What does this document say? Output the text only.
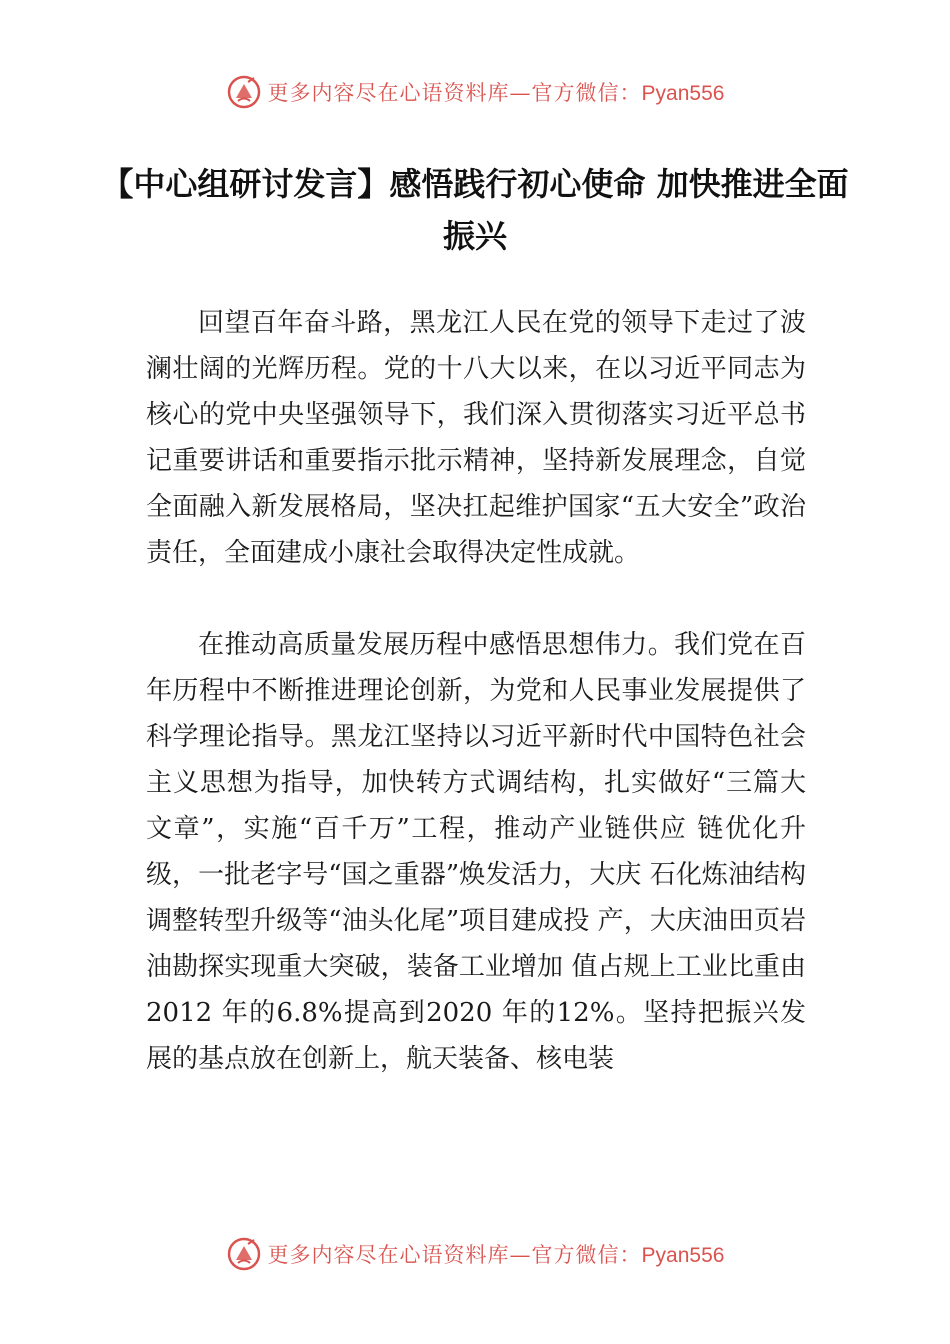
更多内容尽在心语资料库—官方微信：Pyan556
【中心组研讨发言】感悟践行初心使命 加快推进全面振兴

回望百年奋斗路，黑龙江人民在党的领导下走过了波澜壮阔的光辉历程。党的十八大以来，在以习近平同志为核心的党中央坚强领导下，我们深入贯彻落实习近平总书记重要讲话和重要指示批示精神，坚持新发展理念，自觉全面融入新发展格局，坚决扛起维护国家“五大安全”政治责任，全面建成小康社会取得决定性成就。

在推动高质量发展历程中感悟思想伟力。我们党在百年历程中不断推进理论创新，为党和人民事业发展提供了科学理论指导。黑龙江坚持以习近平新时代中国特色社会主义思想为指导，加快转方式调结构，扎实做好“三篇大文章”，实施“百千万”工程，推动产业链供应 链优化升级，一批老字号“国之重器”焕发活力，大庆 石化炼油结构调整转型升级等“油头化尾”项目建成投 产，大庆油田页岩油勘探实现重大突破，装备工业增加 值占规上工业比重由2012 年的6.8%提高到2020 年的12%。坚持把振兴发展的基点放在创新上，航天装备、核电装

更多内容尽在心语资料库—官方微信：Pyan556
